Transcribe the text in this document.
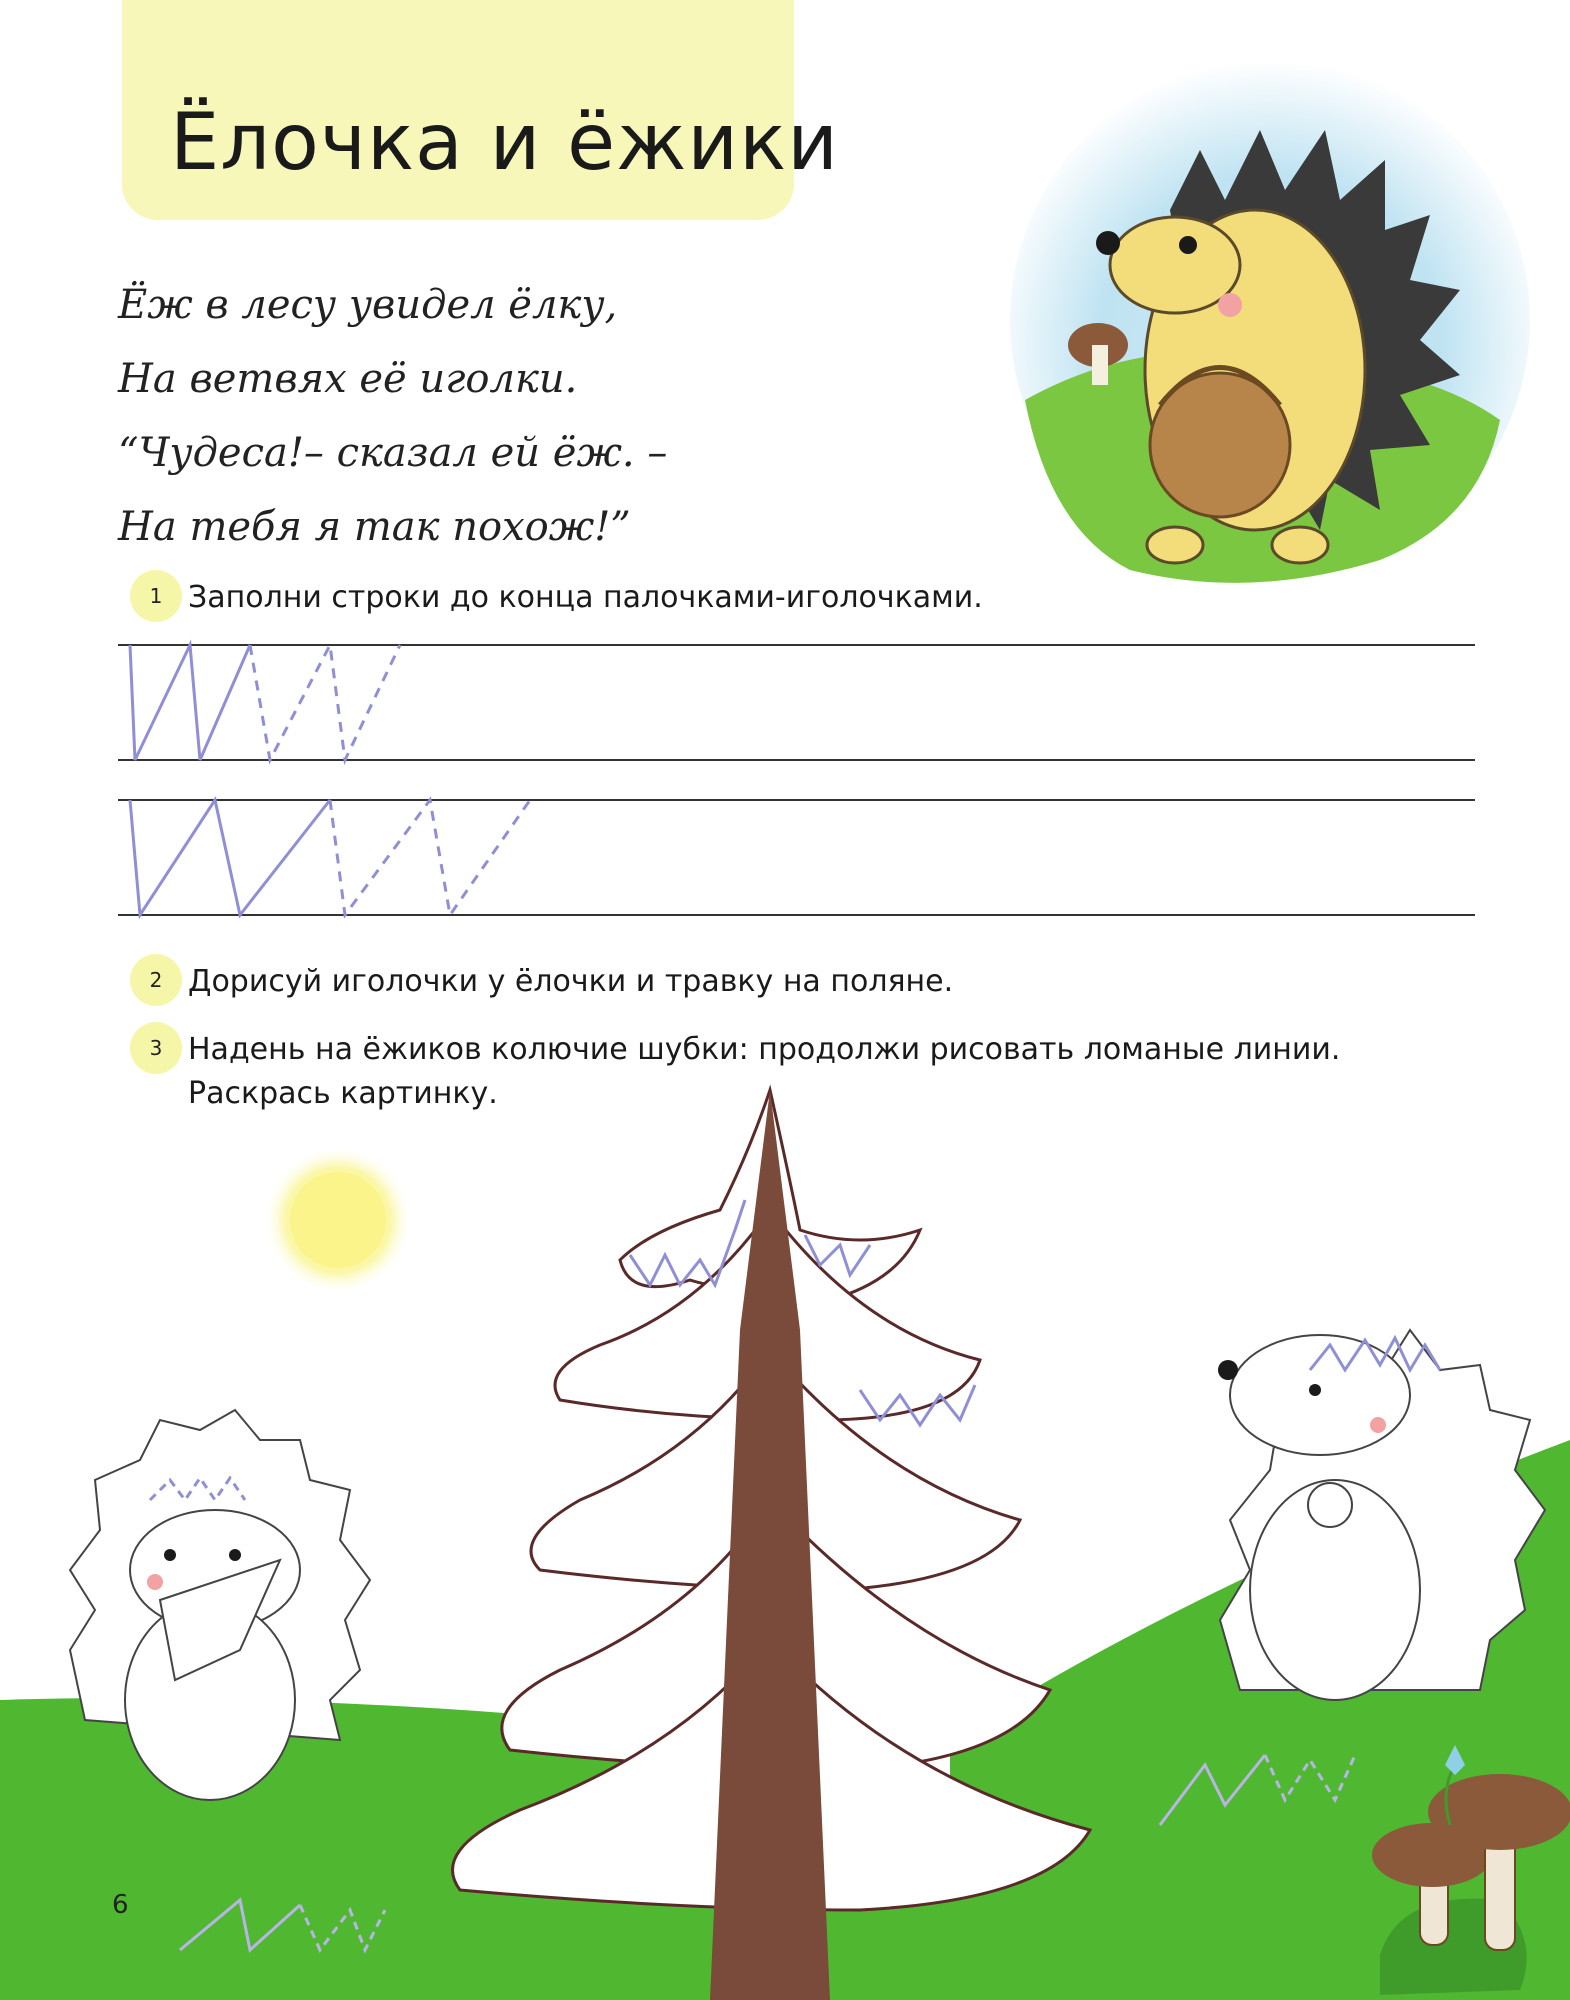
Ёлочка и ёжики
Ёж в лесу увидел ёлку,
На ветвях её иголки.
“Чудеса!– сказал ей ёж. –
На тебя я так похож!”
1 Заполни строки до конца палочками-иголочками.
2 Дорисуй иголочки у ёлочки и травку на поляне.
3 Надень на ёжиков колючие шубки: продолжи рисовать ломаные линии.
Раскрась картинку.
6
